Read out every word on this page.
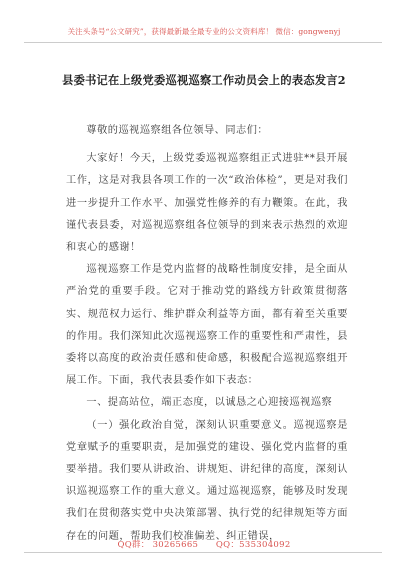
关注头条号“公文研究”，获得最新最全最专业的公文资料库！ 微信：gongwenyj
县委书记在上级党委巡视巡察工作动员会上的表态发言2

尊敬的巡视巡察组各位领导、同志们：

大家好！今天，上级党委巡视巡察组正式进驻**县开展工作，这是对我县各项工作的一次“政治体检”，更是对我们进一步提升工作水平、加强党性修养的有力鞭策。在此，我谨代表县委，对巡视巡察组各位领导的到来表示热烈的欢迎和衷心的感谢！

巡视巡察工作是党内监督的战略性制度安排，是全面从严治党的重要手段。它对于推动党的路线方针政策贯彻落实、规范权力运行、维护群众利益等方面，都有着至关重要的作用。我们深知此次巡视巡察工作的重要性和严肃性，县委将以高度的政治责任感和使命感，积极配合巡视巡察组开展工作。下面，我代表县委作如下表态：

一、提高站位，端正态度，以诚恳之心迎接巡视巡察

（一）强化政治自觉，深刻认识重要意义。巡视巡察是党章赋予的重要职责，是加强党的建设、强化党内监督的重要举措。我们要从讲政治、讲规矩、讲纪律的高度，深刻认识巡视巡察工作的重大意义。通过巡视巡察，能够及时发现我们在贯彻落实党中央决策部署、执行党的纪律规矩等方面存在的问题，帮助我们校准偏差、纠正错误，

QQ群： 30265665　　QQ：535304092
